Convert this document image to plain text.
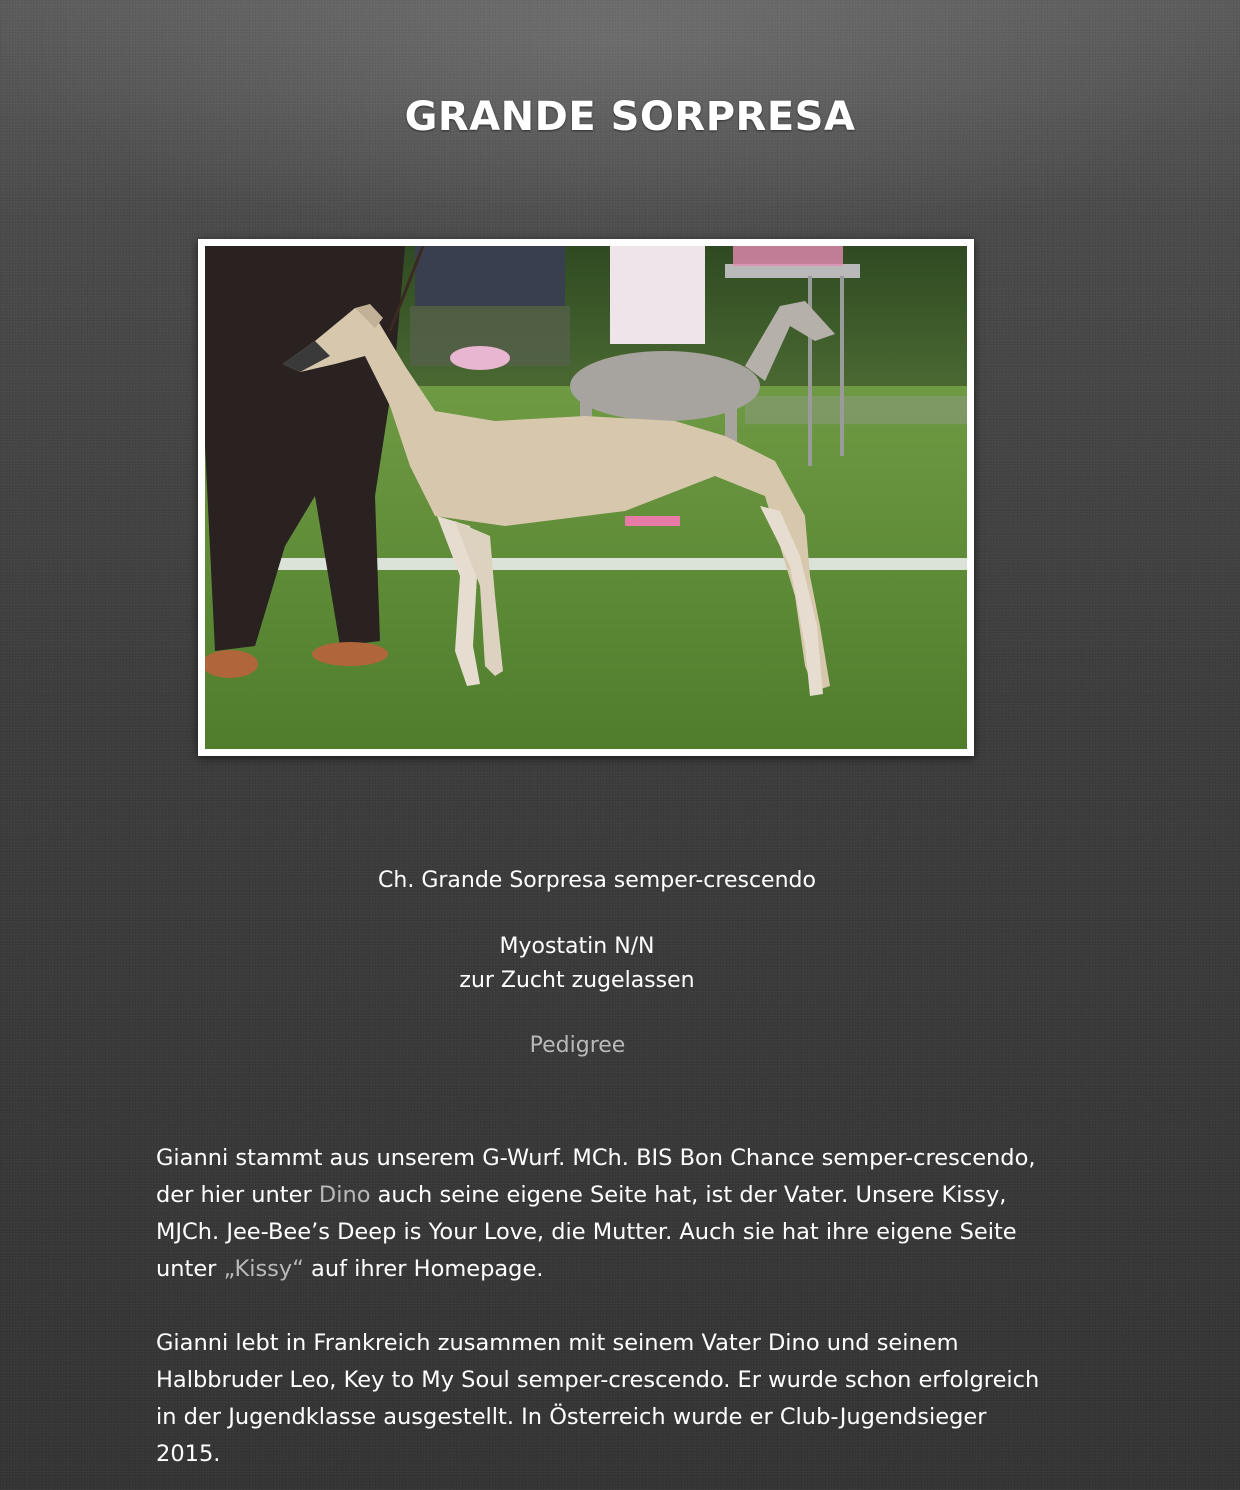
GRANDE SORPRESA
Ch. Grande Sorpresa semper-crescendo
Myostatin N/N
zur Zucht zugelassen
Pedigree

Gianni stammt aus unserem G-Wurf. MCh. BIS Bon Chance semper-crescendo, der hier unter Dino auch seine eigene Seite hat, ist der Vater. Unsere Kissy, MJCh. Jee-Bee’s Deep is Your Love, die Mutter. Auch sie hat ihre eigene Seite unter „Kissy“ auf ihrer Homepage.

Gianni lebt in Frankreich zusammen mit seinem Vater Dino und seinem Halbbruder Leo, Key to My Soul semper-crescendo. Er wurde schon erfolgreich in der Jugendklasse ausgestellt. In Österreich wurde er Club-Jugendsieger 2015.
